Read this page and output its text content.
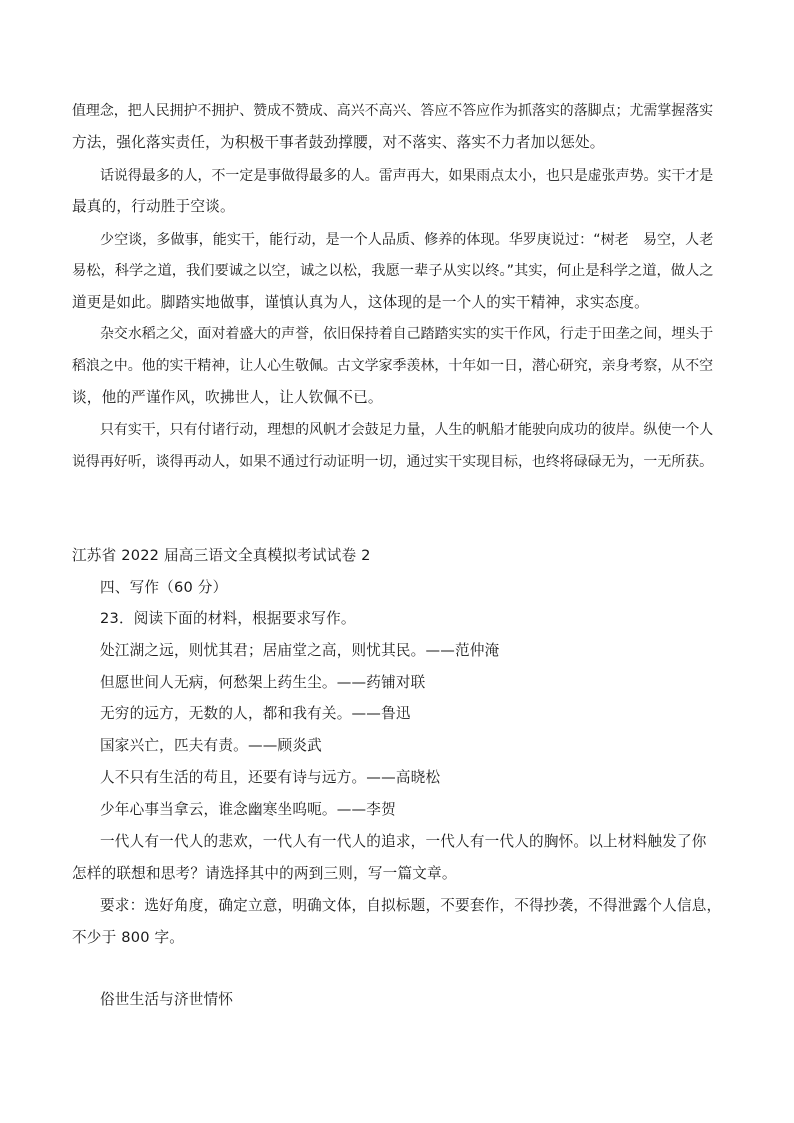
值理念，把人民拥护不拥护、赞成不赞成、高兴不高兴、答应不答应作为抓落实的落脚点；尤需掌握落实
方法，强化落实责任，为积极干事者鼓劲撑腰，对不落实、落实不力者加以惩处。
话说得最多的人，不一定是事做得最多的人。雷声再大，如果雨点太小，也只是虚张声势。实干才是
最真的，行动胜于空谈。
少空谈，多做事，能实干，能行动，是一个人品质、修养的体现。华罗庚说过：“树老　易空，人老
易松，科学之道，我们要诚之以空，诚之以松，我愿一辈子从实以终。”其实，何止是科学之道，做人之
道更是如此。脚踏实地做事，谨慎认真为人，这体现的是一个人的实干精神，求实态度。
杂交水稻之父，面对着盛大的声誉，依旧保持着自己踏踏实实的实干作风，行走于田垄之间，埋头于
稻浪之中。他的实干精神，让人心生敬佩。古文学家季羡林，十年如一日，潜心研究，亲身考察，从不空
谈，他的严谨作风，吹拂世人，让人钦佩不已。
只有实干，只有付诸行动，理想的风帆才会鼓足力量，人生的帆船才能驶向成功的彼岸。纵使一个人
说得再好听，谈得再动人，如果不通过行动证明一切，通过实干实现目标，也终将碌碌无为，一无所获。
江苏省 2022 届高三语文全真模拟考试试卷 2
四、写作（60 分）
23．阅读下面的材料，根据要求写作。
处江湖之远，则忧其君；居庙堂之高，则忧其民。——范仲淹
但愿世间人无病，何愁架上药生尘。——药铺对联
无穷的远方，无数的人，都和我有关。——鲁迅
国家兴亡，匹夫有责。——顾炎武
人不只有生活的苟且，还要有诗与远方。——高晓松
少年心事当拿云，谁念幽寒坐呜呃。——李贺
一代人有一代人的悲欢，一代人有一代人的追求，一代人有一代人的胸怀。以上材料触发了你
怎样的联想和思考？请选择其中的两到三则，写一篇文章。
要求：选好角度，确定立意，明确文体，自拟标题，不要套作，不得抄袭，不得泄露个人信息，
不少于 800 字。
俗世生活与济世情怀
